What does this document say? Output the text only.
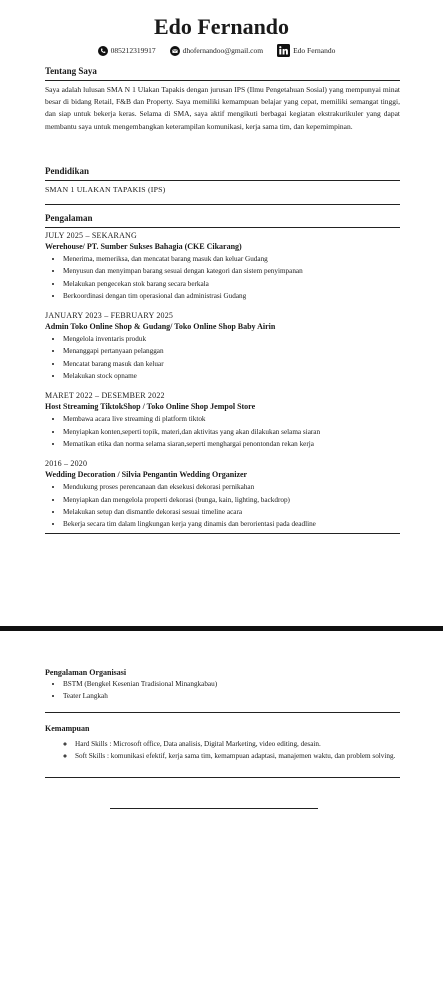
Edo Fernando
085212319917	dhofernandoo@gmail.com	Edo Fernando
Tentang Saya
Saya adalah lulusan SMA N 1 Ulakan Tapakis dengan jurusan IPS (Ilmu Pengetahuan Sosial) yang mempunyai minat besar di bidang Retail, F&B dan Property. Saya memiliki kemampuan belajar yang cepat, memiliki semangat tinggi, dan siap untuk bekerja keras. Selama di SMA, saya aktif mengikuti berbagai kegiatan ekstrakurikuler yang dapat membantu saya untuk mengembangkan keterampilan komunikasi, kerja sama tim, dan kepemimpinan.
Pendidikan
SMAN 1 ULAKAN TAPAKIS (IPS)
Pengalaman
JULY 2025 – SEKARANG
Werehouse/ PT. Sumber Sukses Bahagia (CKE Cikarang)
• Menerima, memeriksa, dan mencatat barang masuk dan keluar Gudang
• Menyusun dan menyimpan barang sesuai dengan kategori dan sistem penyimpanan
• Melakukan pengecekan stok barang secara berkala
• Berkoordinasi dengan tim operasional dan administrasi Gudang
JANUARY 2023 – FEBRUARY 2025
Admin Toko Online Shop & Gudang/ Toko Online Shop Baby Airin
• Mengelola inventaris produk
• Menanggapi pertanyaan pelanggan
• Mencatat barang masuk dan keluar
• Melakukan stock opname
MARET 2022 – DESEMBER 2022
Host Streaming TiktokShop / Toko Online Shop Jempol Store
• Membawa acara live streaming di platform tiktok
• Menyiapkan konten,seperti topik, materi,dan aktivitas yang akan dilakukan selama siaran
• Mematikan etika dan norma selama siaran,seperti menghargai penontondan rekan kerja
2016 – 2020
Wedding Decoration / Silvia Pengantin Wedding Organizer
• Mendukung proses perencanaan dan eksekusi dekorasi pernikahan
• Menyiapkan dan mengelola properti dekorasi (bunga, kain, lighting, backdrop)
• Melakukan setup dan dismantle dekorasi sesuai timeline acara
• Bekerja secara tim dalam lingkungan kerja yang dinamis dan berorientasi pada deadline
Pengalaman Organisasi
• BSTM (Bengkel Kesenian Tradisional Minangkabau)
• Teater Langkah
Kemampuan
◦ Hard Skills : Microsoft office, Data analisis, Digital Marketing, video editing, desain.
◦ Soft Skills : komunikasi efektif, kerja sama tim, kemampuan adaptasi, manajemen waktu, dan problem solving.
